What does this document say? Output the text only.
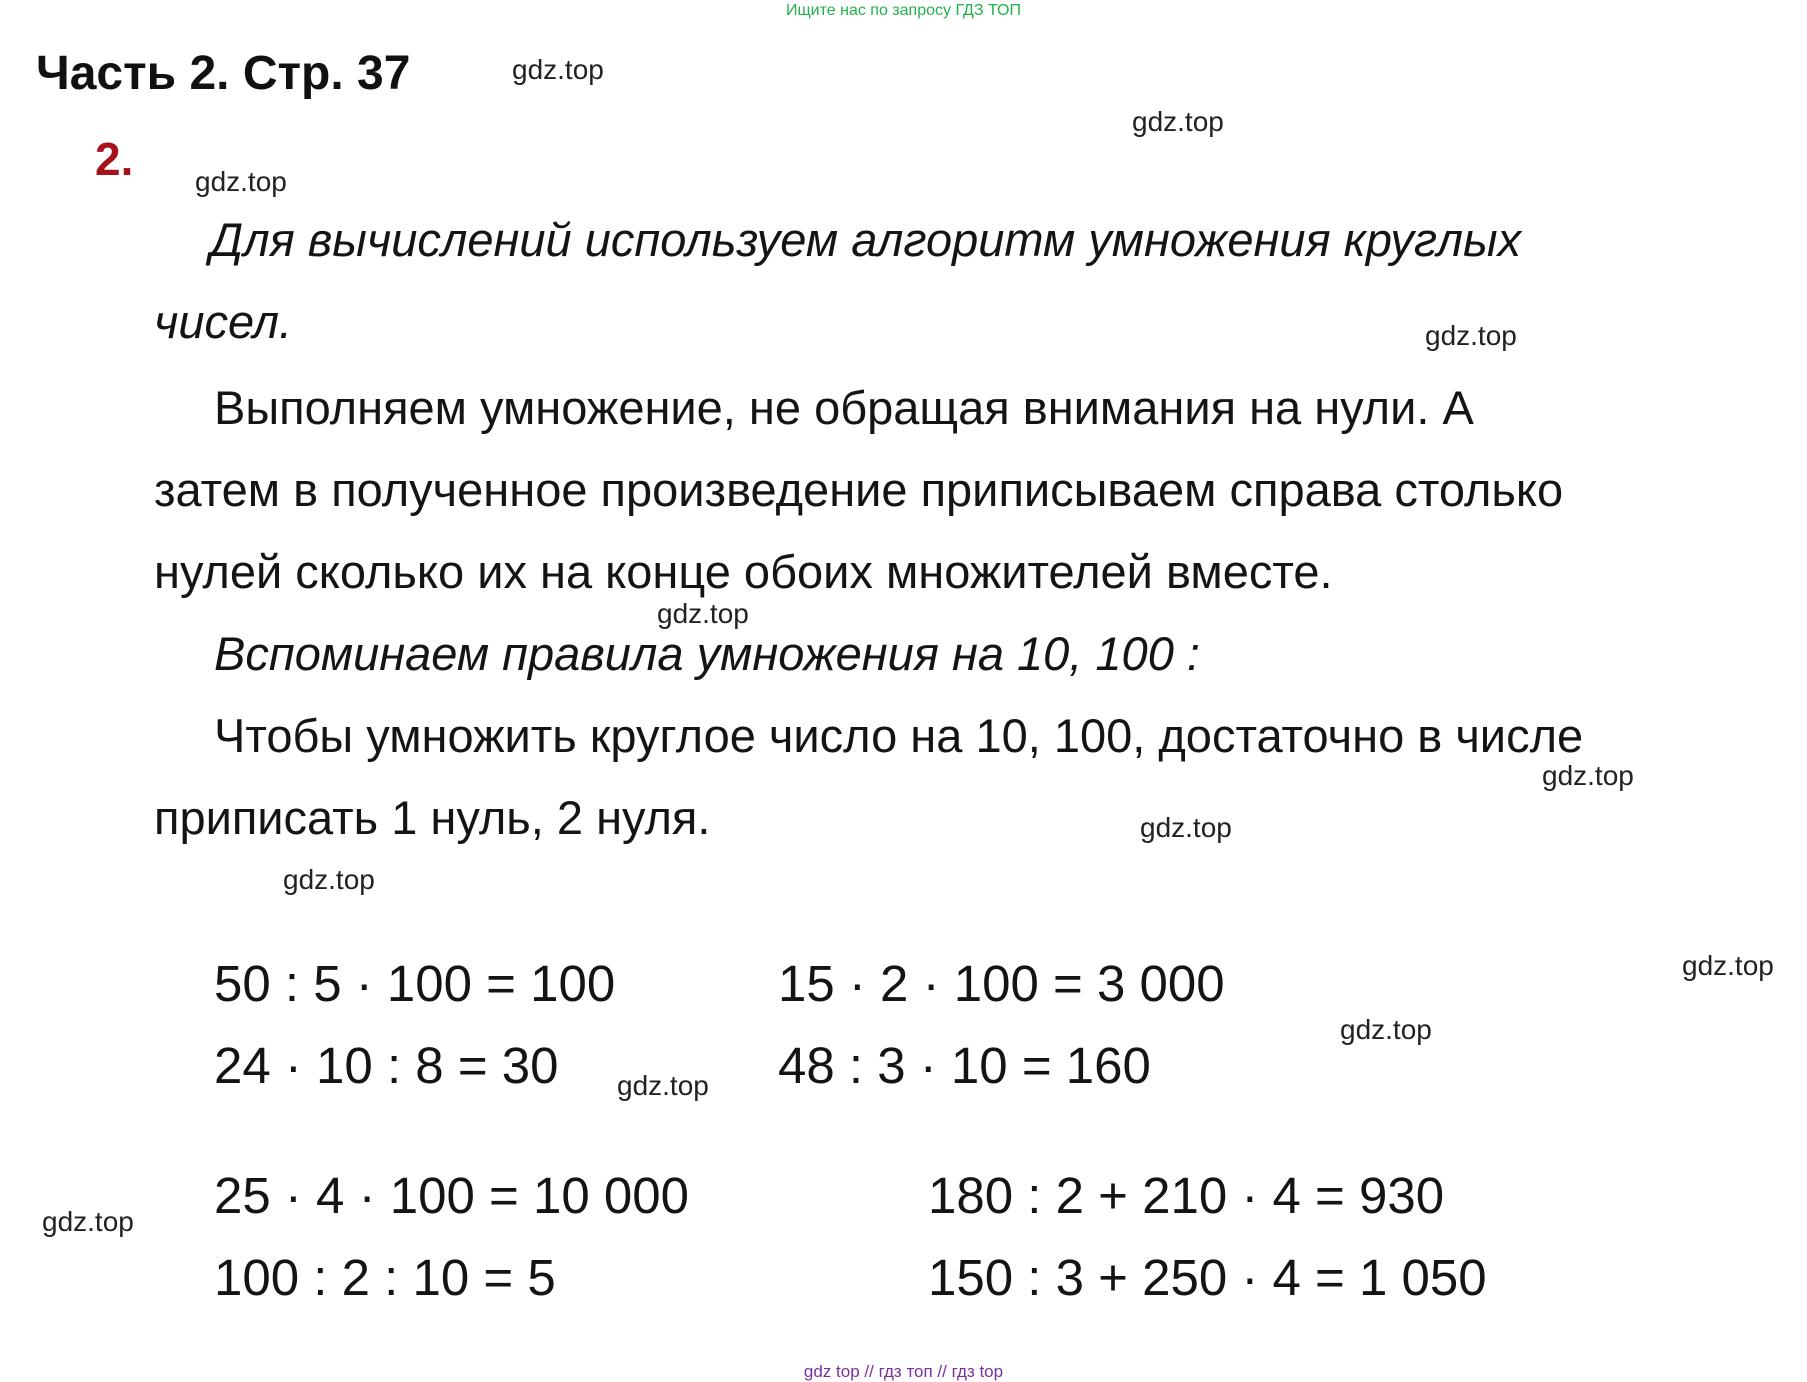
Ищите нас по запросу ГДЗ ТОП
Часть 2. Стр. 37
2.
Для вычислений используем алгоритм умножения круглых
чисел.
Выполняем умножение, не обращая внимания на нули. А
затем в полученное произведение приписываем справа столько
нулей сколько их на конце обоих множителей вместе.
Вспоминаем правила умножения на 10, 100 :
Чтобы умножить круглое число на 10, 100, достаточно в числе
приписать 1 нуль, 2 нуля.
50 : 5 · 100 = 100	15 · 2 · 100 = 3 000
24 · 10 : 8 = 30	48 : 3 · 10 = 160
25 · 4 · 100 = 10 000	180 : 2 + 210 · 4 = 930
100 : 2 : 10 = 5	150 : 3 + 250 · 4 = 1 050
gdz.top
gdz.top
gdz.top
gdz.top
gdz.top
gdz.top
gdz.top
gdz.top
gdz.top
gdz.top
gdz.top
gdz.top
gdz top // гдз топ // гдз top
